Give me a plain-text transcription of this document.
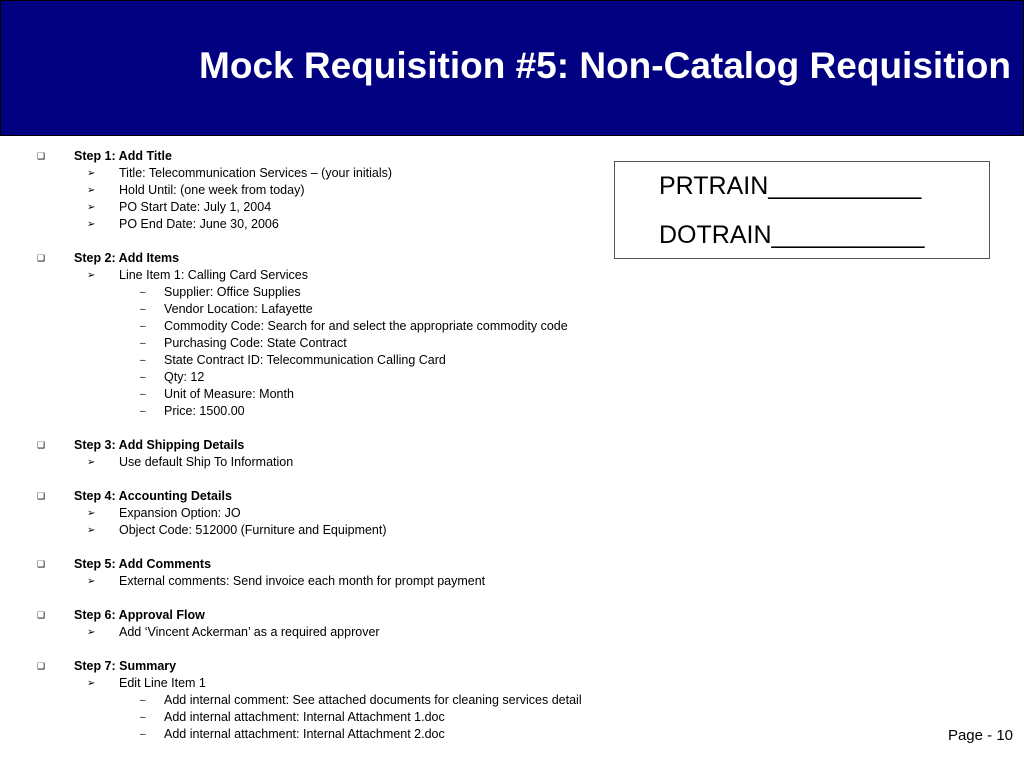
Mock Requisition #5: Non-Catalog Requisition
❑ Step 1: Add Title
➢ Title: Telecommunication Services – (your initials)
➢ Hold Until: (one week from today)
➢ PO Start Date: July 1, 2004
➢ PO End Date: June 30, 2006
❑ Step 2: Add Items
➢ Line Item 1: Calling Card Services
– Supplier: Office Supplies
– Vendor Location: Lafayette
– Commodity Code: Search for and select the appropriate commodity code
– Purchasing Code: State Contract
– State Contract ID: Telecommunication Calling Card
– Qty: 12
– Unit of Measure: Month
– Price: 1500.00
❑ Step 3: Add Shipping Details
➢ Use default Ship To Information
❑ Step 4: Accounting Details
➢ Expansion Option: JO
➢ Object Code: 512000 (Furniture and Equipment)
❑ Step 5: Add Comments
➢ External comments: Send invoice each month for prompt payment
❑ Step 6: Approval Flow
➢ Add ‘Vincent Ackerman’ as a required approver
❑ Step 7: Summary
➢ Edit Line Item 1
– Add internal comment: See attached documents for cleaning services detail
– Add internal attachment: Internal Attachment 1.doc
– Add internal attachment: Internal Attachment 2.doc
PRTRAIN___________
DOTRAIN___________
Page - 10
